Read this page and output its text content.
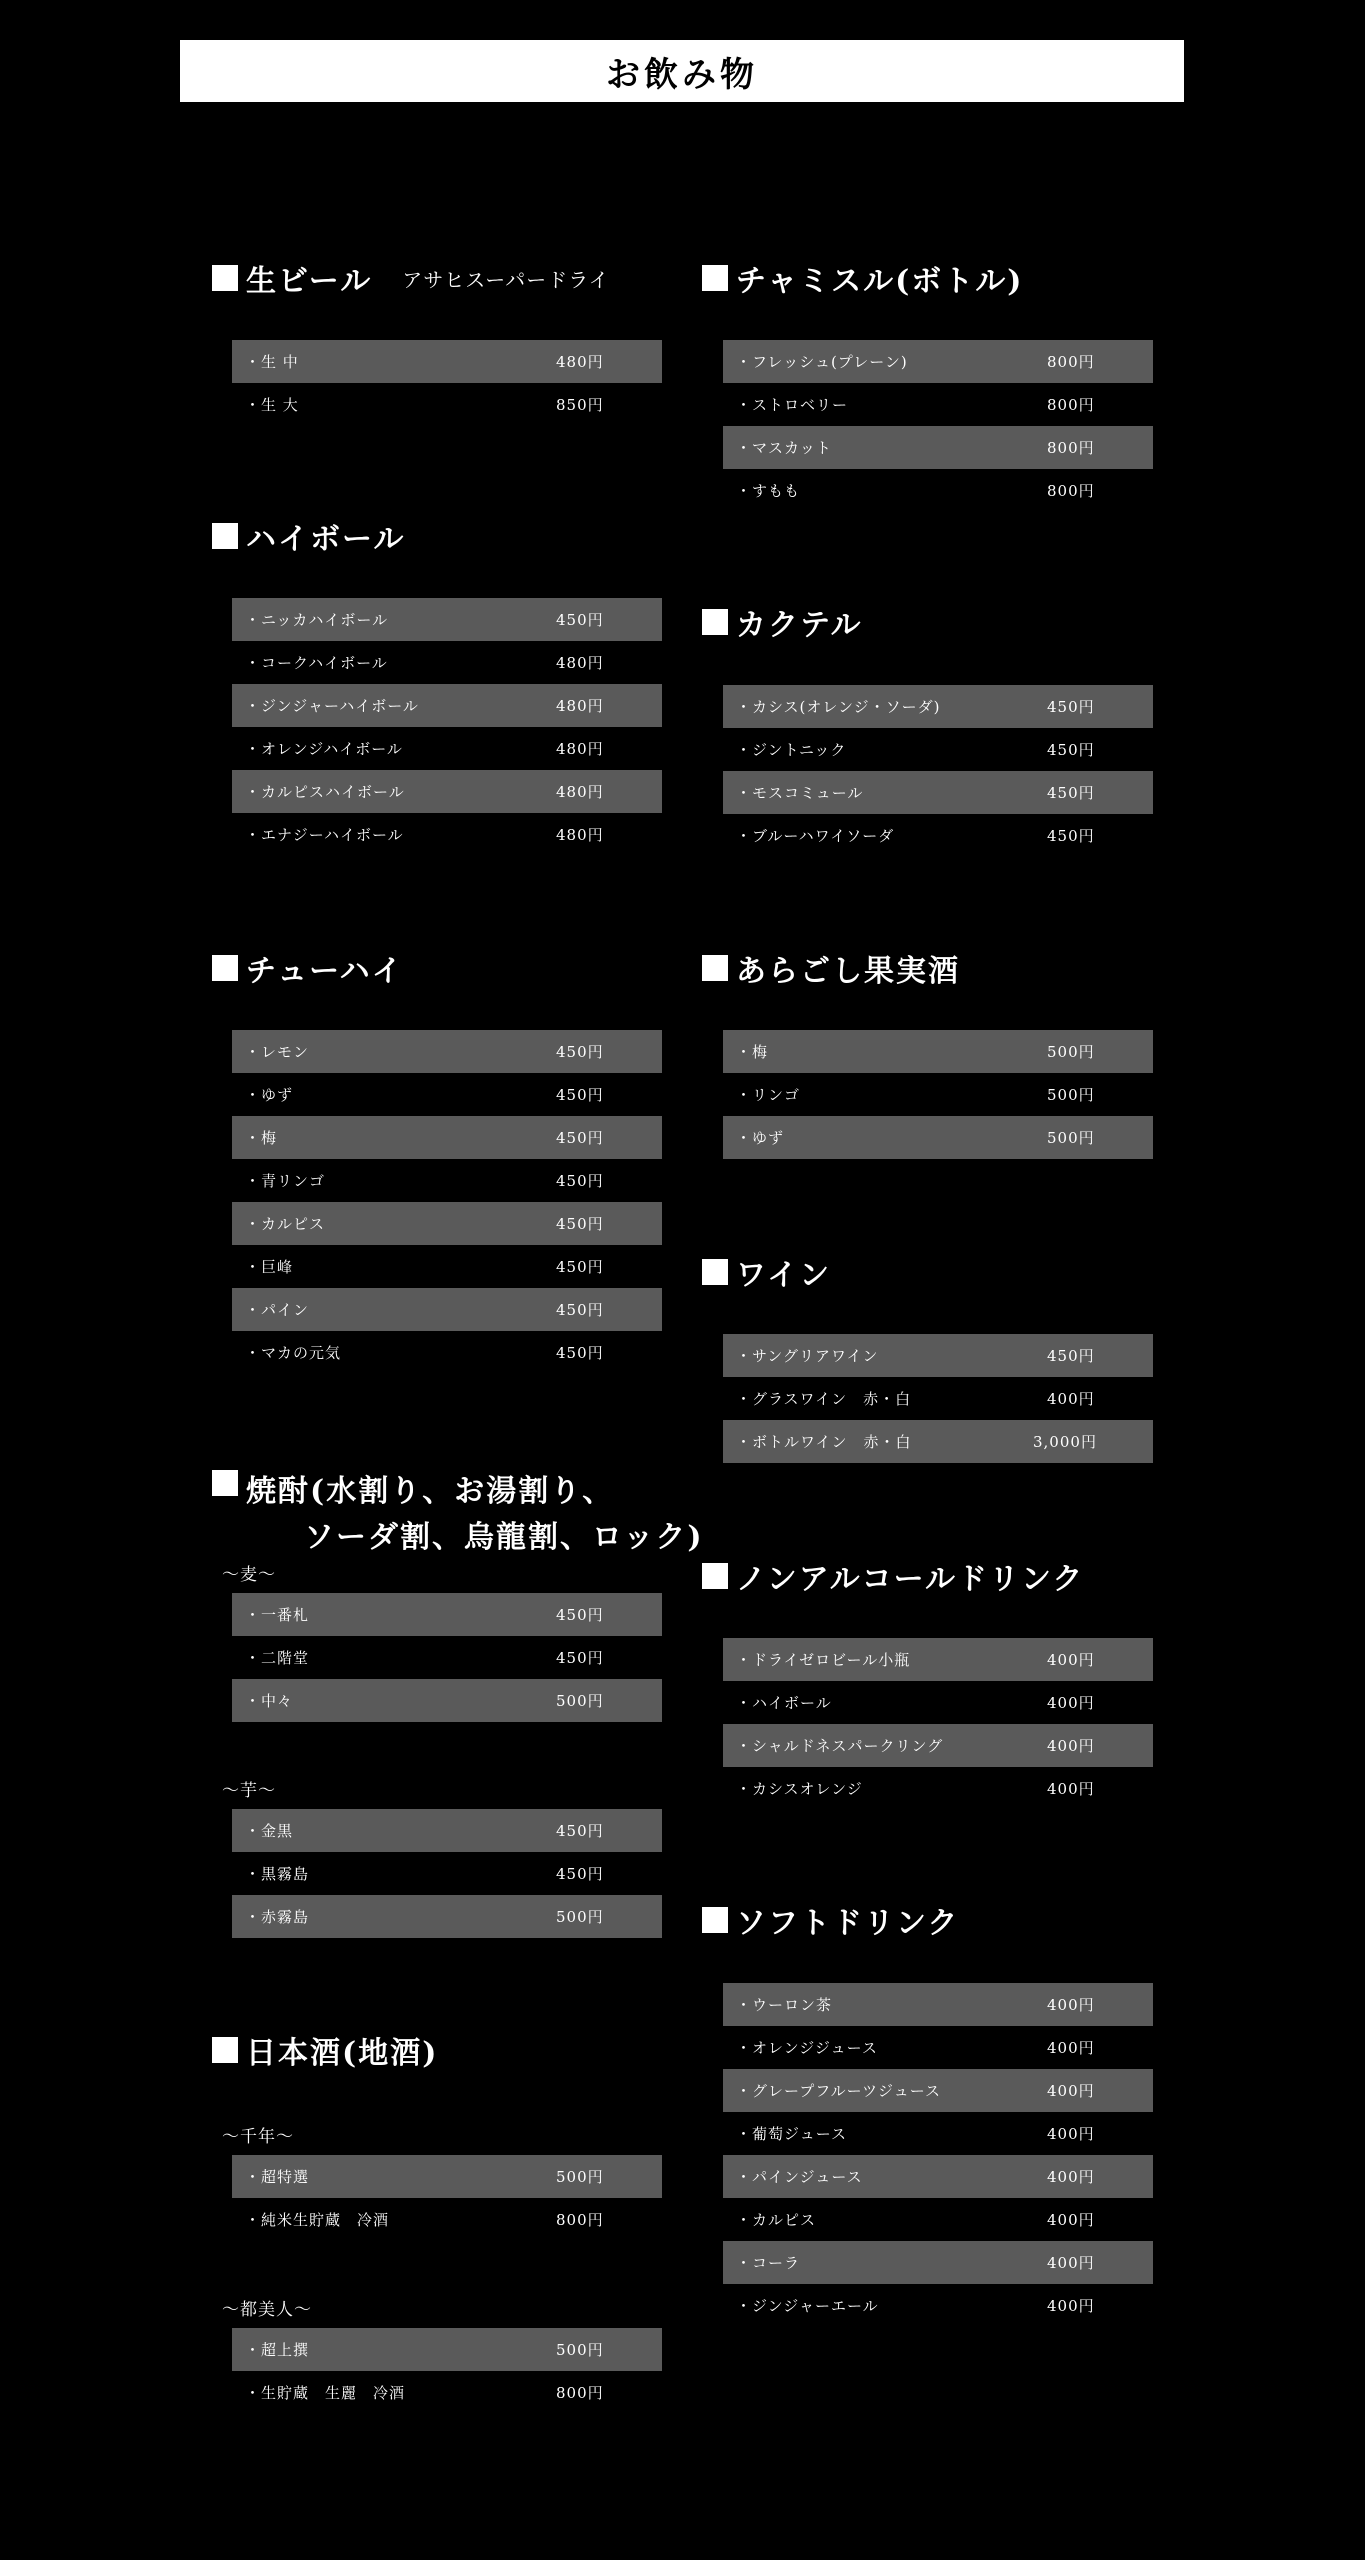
お飲み物
生ビール アサヒスーパードライ
・生 中	480円
・生 大	850円
ハイボール
・ニッカハイボール	450円
・コークハイボール	480円
・ジンジャーハイボール	480円
・オレンジハイボール	480円
・カルピスハイボール	480円
・エナジーハイボール	480円
チューハイ
・レモン	450円
・ゆず	450円
・梅	450円
・青リンゴ	450円
・カルピス	450円
・巨峰	450円
・パイン	450円
・マカの元気	450円
焼酎(水割り、お湯割り、
ソーダ割、烏龍割、ロック)
～麦～
・一番札	450円
・二階堂	450円
・中々	500円
～芋～
・金黒	450円
・黒霧島	450円
・赤霧島	500円
日本酒(地酒)
～千年～
・超特選	500円
・純米生貯蔵　冷酒	800円
～都美人～
・超上撰	500円
・生貯蔵　生麗　冷酒	800円
チャミスル(ボトル)
・フレッシュ(プレーン)	800円
・ストロベリー	800円
・マスカット	800円
・すもも	800円
カクテル
・カシス(オレンジ・ソーダ)	450円
・ジントニック	450円
・モスコミュール	450円
・ブルーハワイソーダ	450円
あらごし果実酒
・梅	500円
・リンゴ	500円
・ゆず	500円
ワイン
・サングリアワイン	450円
・グラスワイン　赤・白	400円
・ボトルワイン　赤・白	3,000円
ノンアルコールドリンク
・ドライゼロビール小瓶	400円
・ハイボール	400円
・シャルドネスパークリング	400円
・カシスオレンジ	400円
ソフトドリンク
・ウーロン茶	400円
・オレンジジュース	400円
・グレープフルーツジュース	400円
・葡萄ジュース	400円
・パインジュース	400円
・カルピス	400円
・コーラ	400円
・ジンジャーエール	400円
